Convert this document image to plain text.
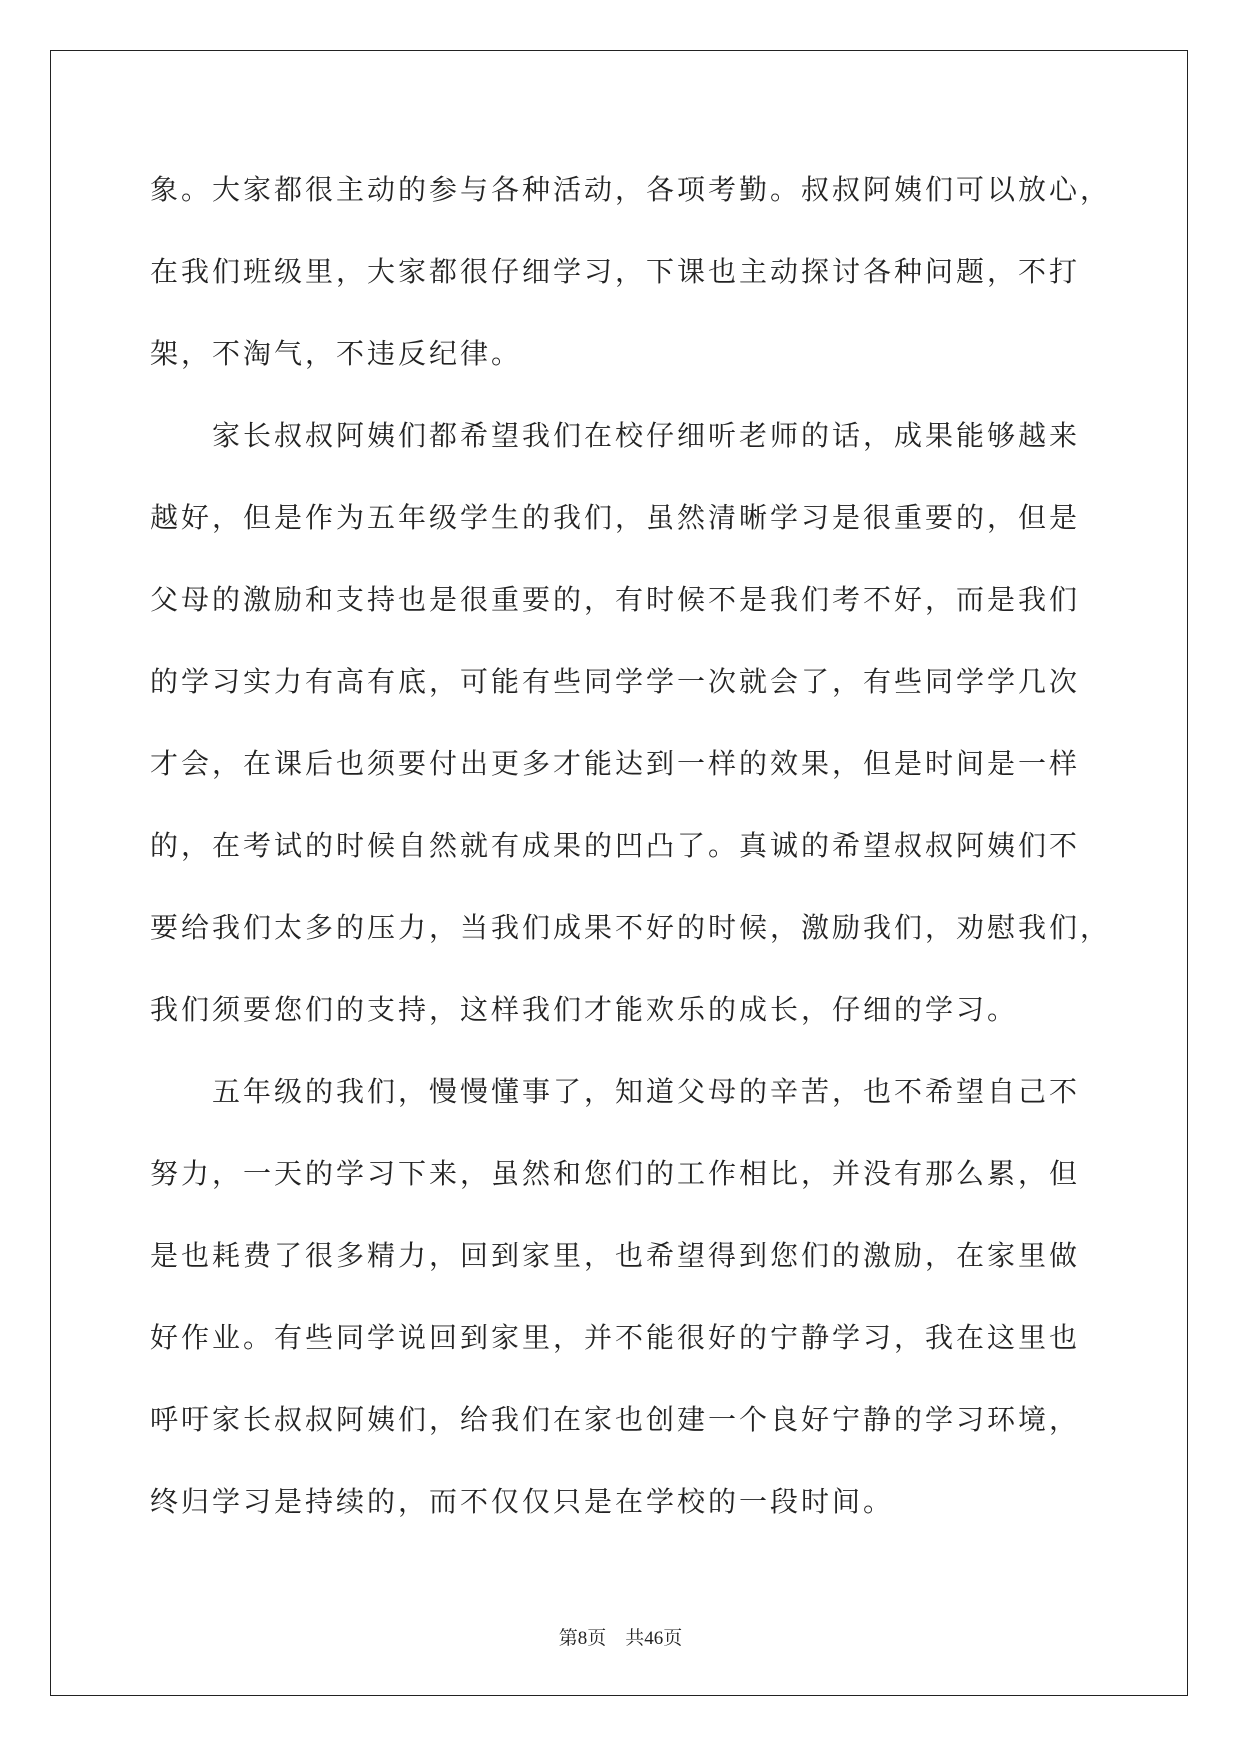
象。大家都很主动的参与各种活动，各项考勤。叔叔阿姨们可以放心，
在我们班级里，大家都很仔细学习，下课也主动探讨各种问题，不打
架，不淘气，不违反纪律。
家长叔叔阿姨们都希望我们在校仔细听老师的话，成果能够越来
越好，但是作为五年级学生的我们，虽然清晰学习是很重要的，但是
父母的激励和支持也是很重要的，有时候不是我们考不好，而是我们
的学习实力有高有底，可能有些同学学一次就会了，有些同学学几次
才会，在课后也须要付出更多才能达到一样的效果，但是时间是一样
的，在考试的时候自然就有成果的凹凸了。真诚的希望叔叔阿姨们不
要给我们太多的压力，当我们成果不好的时候，激励我们，劝慰我们，
我们须要您们的支持，这样我们才能欢乐的成长，仔细的学习。
五年级的我们，慢慢懂事了，知道父母的辛苦，也不希望自己不
努力，一天的学习下来，虽然和您们的工作相比，并没有那么累，但
是也耗费了很多精力，回到家里，也希望得到您们的激励，在家里做
好作业。有些同学说回到家里，并不能很好的宁静学习，我在这里也
呼吁家长叔叔阿姨们，给我们在家也创建一个良好宁静的学习环境，
终归学习是持续的，而不仅仅只是在学校的一段时间。
第8页 共46页
